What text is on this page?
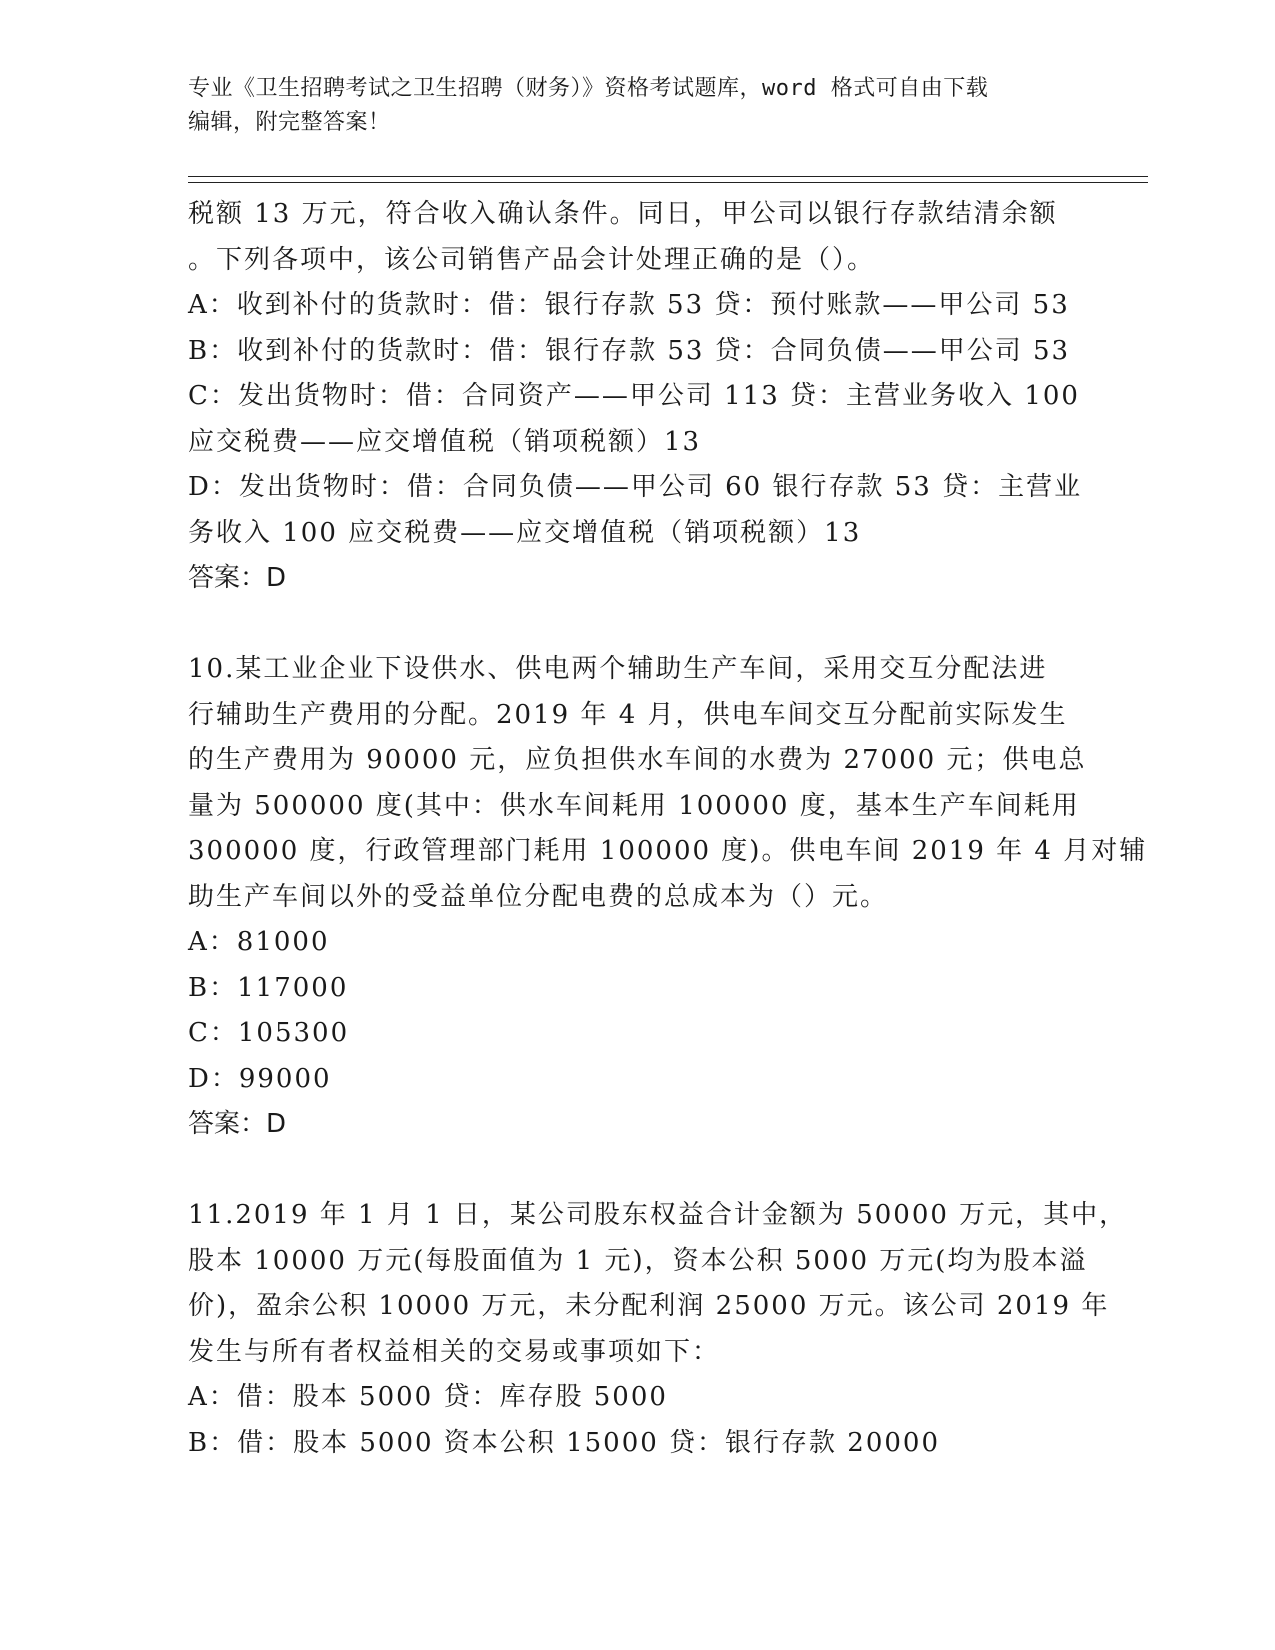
专业《卫生招聘考试之卫生招聘（财务）》资格考试题库，word 格式可自由下载
编辑，附完整答案！
税额 13 万元，符合收入确认条件。同日，甲公司以银行存款结清余额
。下列各项中，该公司销售产品会计处理正确的是（）。
A：收到补付的货款时：借：银行存款 53 贷：预付账款——甲公司 53
B：收到补付的货款时：借：银行存款 53 贷：合同负债——甲公司 53
C：发出货物时：借：合同资产——甲公司 113 贷：主营业务收入 100
应交税费——应交增值税（销项税额）13
D：发出货物时：借：合同负债——甲公司 60 银行存款 53 贷：主营业
务收入 100 应交税费——应交增值税（销项税额）13
答案：D
10.某工业企业下设供水、供电两个辅助生产车间，采用交互分配法进
行辅助生产费用的分配。2019 年 4 月，供电车间交互分配前实际发生
的生产费用为 90000 元，应负担供水车间的水费为 27000 元；供电总
量为 500000 度(其中：供水车间耗用 100000 度，基本生产车间耗用
300000 度，行政管理部门耗用 100000 度)。供电车间 2019 年 4 月对辅
助生产车间以外的受益单位分配电费的总成本为（）元。
A：81000
B：117000
C：105300
D：99000
答案：D
11.2019 年 1 月 1 日，某公司股东权益合计金额为 50000 万元，其中，
股本 10000 万元(每股面值为 1 元)，资本公积 5000 万元(均为股本溢
价)，盈余公积 10000 万元，未分配利润 25000 万元。该公司 2019 年
发生与所有者权益相关的交易或事项如下：
A：借：股本 5000 贷：库存股 5000
B：借：股本 5000 资本公积 15000 贷：银行存款 20000
